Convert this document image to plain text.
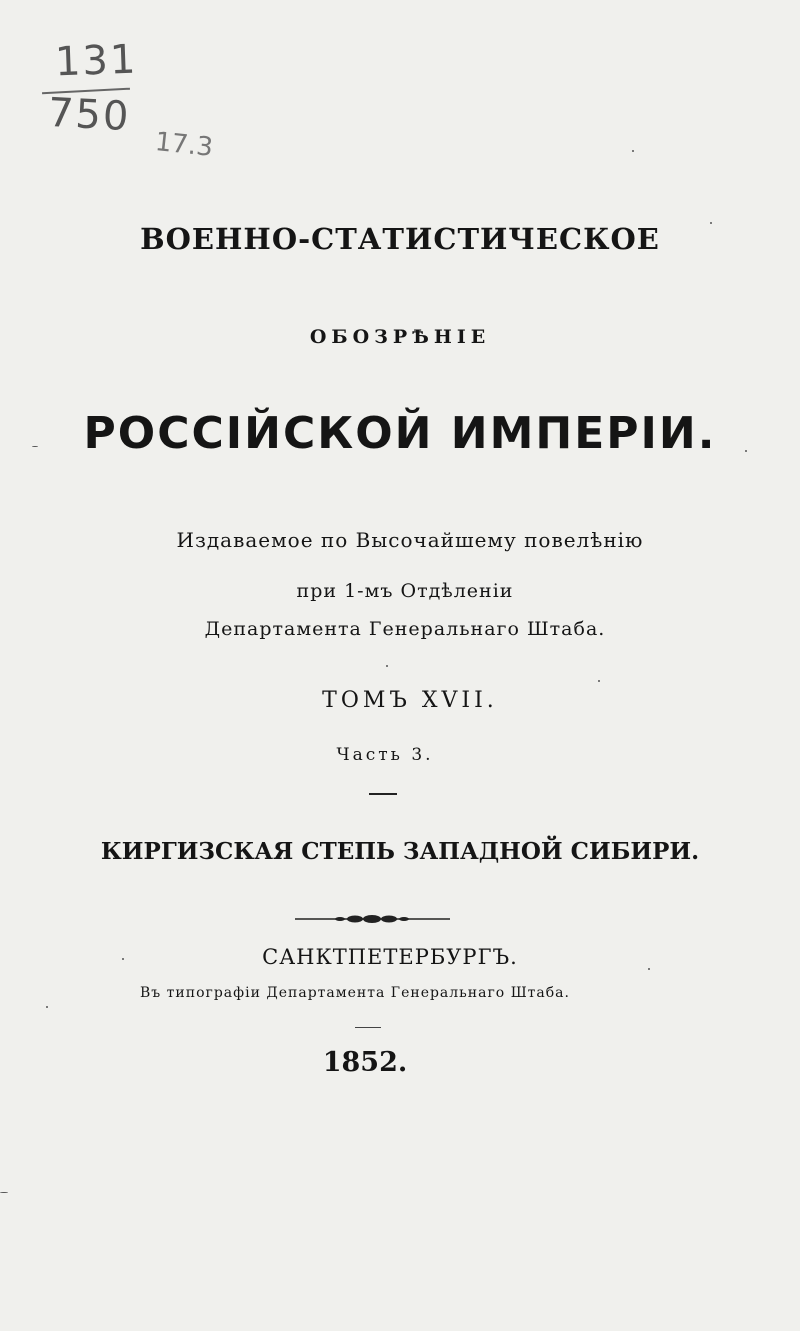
131
750
17.3
ВОЕННО-СТАТИСТИЧЕСКОЕ
ОБОЗРѢНІЕ
РОССІЙСКОЙ ИМПЕРІИ.
Издаваемое по Высочайшему повелѣнію
при 1-мъ Отдѣленіи
Департамента Генеральнаго Штаба.
ТОМЪ XVII.
Часть 3.
КИРГИЗСКАЯ СТЕПЬ ЗАПАДНОЙ СИБИРИ.
САНКТПЕТЕРБУРГЪ.
Въ типографіи Департамента Генеральнаго Штаба.
1852.
